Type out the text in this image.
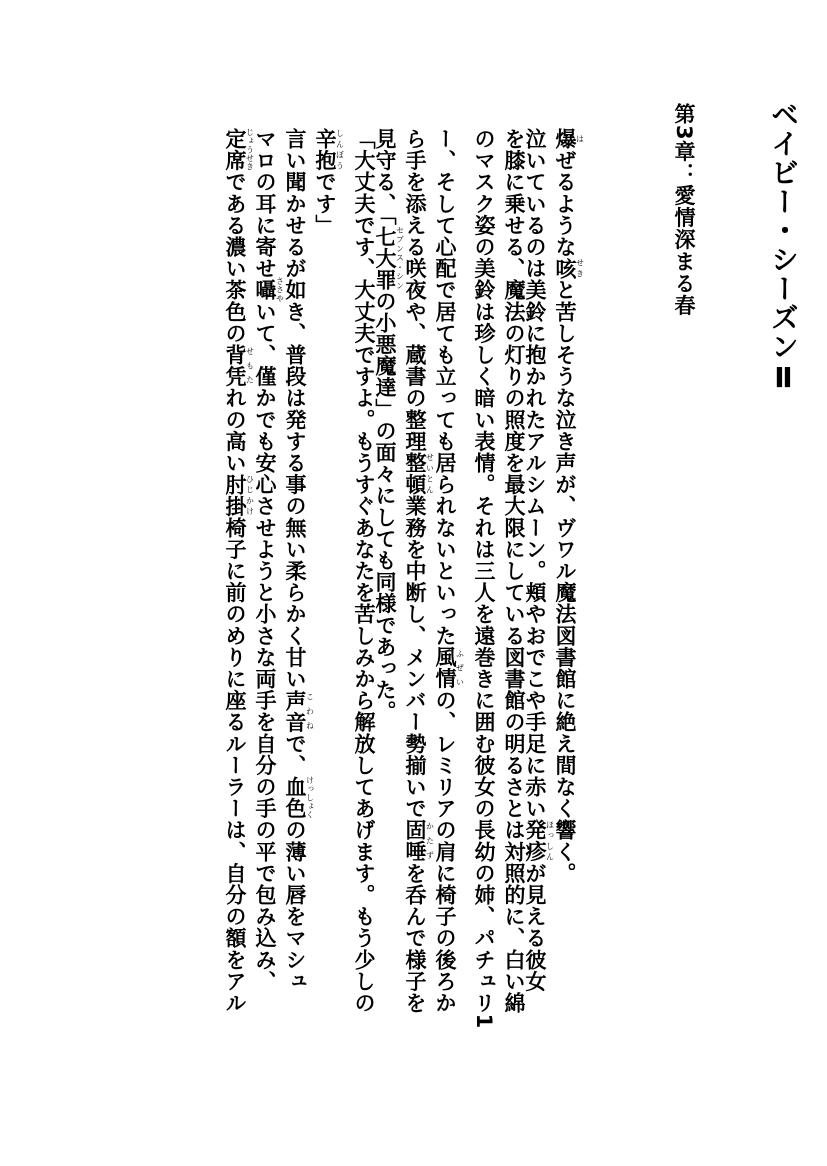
ベイビー・シーズンⅡ
第3章：愛情深まる春

爆はぜるような咳せきと苦しそうな泣き声が、ヴワル魔法図書館に絶え間なく響く。

泣いているのは美鈴に抱かれたアルシムーン。頬やおでこや手足に赤い発疹ほっしんが見える彼女

を膝に乗せる、魔法の灯りの照度を最大限にしている図書館の明るさとは対照的に、白い綿

のマスク姿の美鈴は珍しく暗い表情。それは三人を遠巻きに囲む彼女の長幼の姉、パチュリ1

ー、そして心配で居ても立っても居られないといった風情ふぜいの、レミリアの肩に椅子の後ろか

ら手を添える咲夜や、蔵書の整理整頓せいとん業務を中断し、メンバー勢揃いで固唾かたずを呑んで様子を

見守る、「七大罪セブンス・シンの小悪魔達」の面々にしても同様であった。

「大丈夫です、大丈夫ですよ。もうすぐあなたを苦しみから解放してあげます。もう少しの

辛抱しんぼうです」

言い聞かせるが如き、普段は発する事の無い柔らかく甘い声音こわねで、血色けっしょくの薄い唇をマシュ

マロの耳に寄せ囁ささやいて、僅かでも安心させようと小さな両手を自分の手の平で包み込み、

定席じょうせきである濃い茶色の背凭せもたれの高い肘掛ひじかけ椅子に前のめりに座るルーラーは、自分の額をアル
